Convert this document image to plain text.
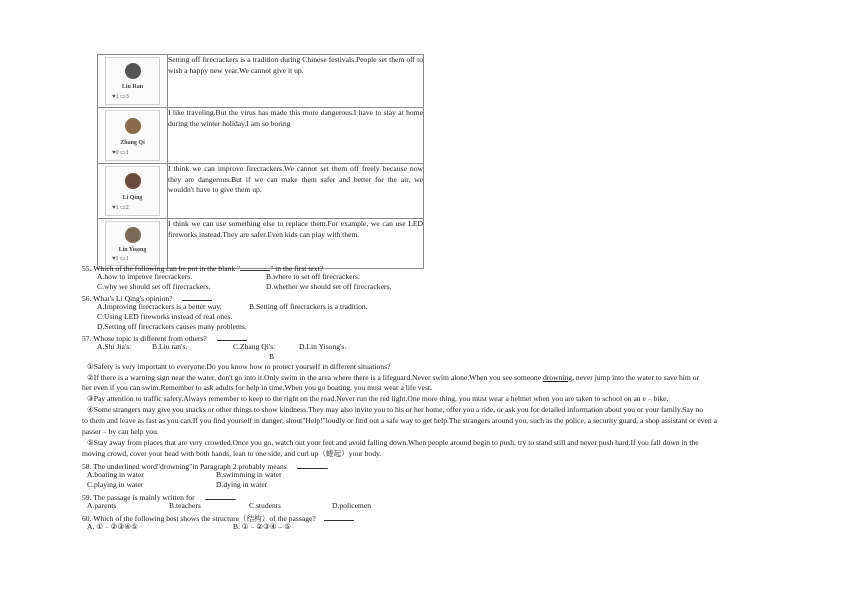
Liu Ran
♥1 ▭3	Setting off firecrackers is a tradition during Chinese festivals.People set them off to wish a happy new year.We cannot give it up.

Zhang Qi
♥0 ▭1	I like traveling.But the virus has made this more dangerous.I have to stay at home during the winter holiday.I am so boring

Li Qing
♥1 ▭2	I think we can improve firecrackers.We cannot set them off freely because now they are dangerous.But if we can make them safer and better for the air, we wouldn't have to give them up.

Lin Yisong
♥1 ▭1	I think we can use something else to replace them.For example, we can use LED fireworks instead.They are safer.Even kids can play with them.
55. Which of the following can be put in the blank "	" in the first text?
A.how to improve firecrackers.	B.where to set off firecrackers.
C.why we should set off firecrackers.	D.whether we should set off firecrackers.
56. What's Li Qing's opinion?
A.Improving firecrackers is a better way.	B.Setting off firecrackers is a tradition.
C.Using LED fireworks instead of real ones.
D.Setting off firecrackers causes many problems.
57. Whose topic is different from others?
A.Shi Jia's.	B.Liu ran's.	C.Zhang Qi's.	D.Lin Yisong's.
B
①Safety is very important to everyone.Do you know how to protect yourself in different situations?
②If there is a warning sign near the water, don't go into it.Only swim in the area where there is a lifeguard.Never swim alone.When you see someone drowning, never jump into the water to save him or
her even if you can swim.Remember to ask adults for help in time.When you go boating, you must wear a life vest.
③Pay attention to traffic safety.Always remember to keep to the right on the road.Never run the red light.One more thing, you must wear a helmet when you are taken to school on an e﹣bike.
④Some strangers may give you snacks or other things to show kindness.They may also invite you to his or her home, offer you a ride, or ask you for detailed information about you or your family.Say no
to them and leave as fast as you can.If you find yourself in danger, shout"Help!"loudly or find out a safe way to get help.The strangers around you, such as the police, a security guard, a shop assistant or even a
passer﹣by can help you.
⑤Stay away from places that are very crowded.Once you go, watch out your feet and avoid falling down.When people around begin to push, try to stand still and never push hard.If you fall down in the
moving crowd, cover your head with both hands, lean to one side, and curl up（蜷起）your body.
58. The underlined word"drowning"in Paragraph 2 probably means	.
A.boating in water	B.swimming in water
C.playing in water	D.dying in water
59. The passage is mainly written for	.
A.parents	B.teachers	C.students	D.policemen
60. Which of the following best shows the structure（结构）of the passage?
A. ①﹣②③④⑤	B. ①﹣②③④﹣⑤
